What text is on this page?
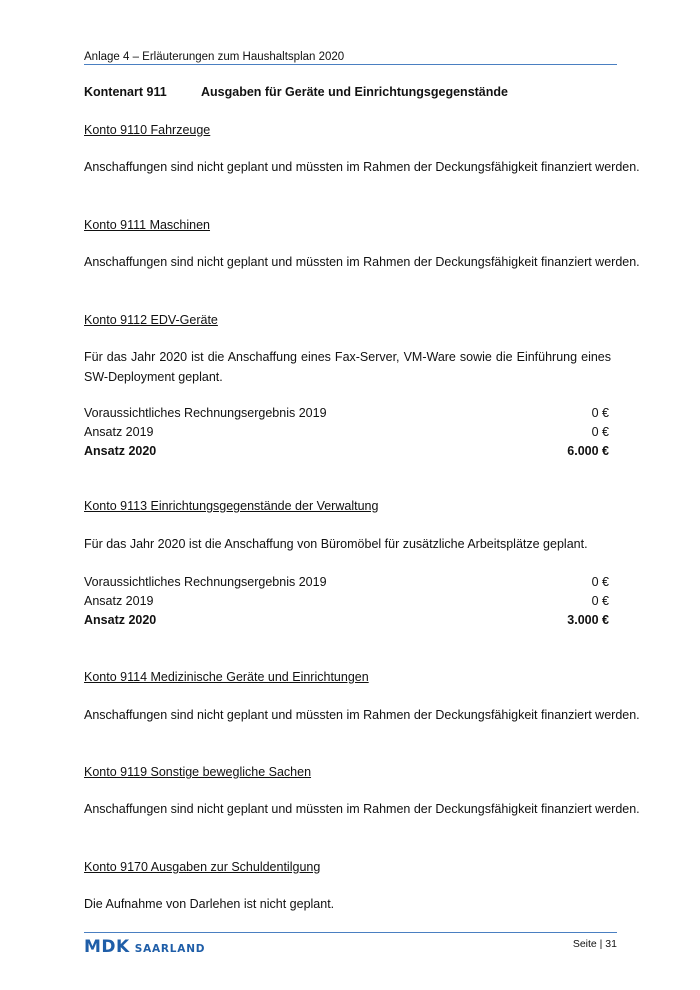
Anlage 4 – Erläuterungen zum Haushaltsplan 2020
Kontenart 911	Ausgaben für Geräte und Einrichtungsgegenstände
Konto 9110 Fahrzeuge
Anschaffungen sind nicht geplant und müssten im Rahmen der Deckungsfähigkeit finanziert werden.
Konto 9111 Maschinen
Anschaffungen sind nicht geplant und müssten im Rahmen der Deckungsfähigkeit finanziert werden.
Konto 9112 EDV-Geräte
Für das Jahr 2020 ist die Anschaffung eines Fax-Server, VM-Ware sowie die Einführung eines SW-Deployment geplant.
Voraussichtliches Rechnungsergebnis 2019	0 €
Ansatz 2019	0 €
Ansatz 2020	6.000 €
Konto 9113 Einrichtungsgegenstände der Verwaltung
Für das Jahr 2020 ist die Anschaffung von Büromöbel für zusätzliche Arbeitsplätze geplant.
Voraussichtliches Rechnungsergebnis 2019	0 €
Ansatz 2019	0 €
Ansatz 2020	3.000 €
Konto 9114 Medizinische Geräte und Einrichtungen
Anschaffungen sind nicht geplant und müssten im Rahmen der Deckungsfähigkeit finanziert werden.
Konto 9119 Sonstige bewegliche Sachen
Anschaffungen sind nicht geplant und müssten im Rahmen der Deckungsfähigkeit finanziert werden.
Konto 9170 Ausgaben zur Schuldentilgung
Die Aufnahme von Darlehen ist nicht geplant.
MDK SAARLAND	Seite | 31
